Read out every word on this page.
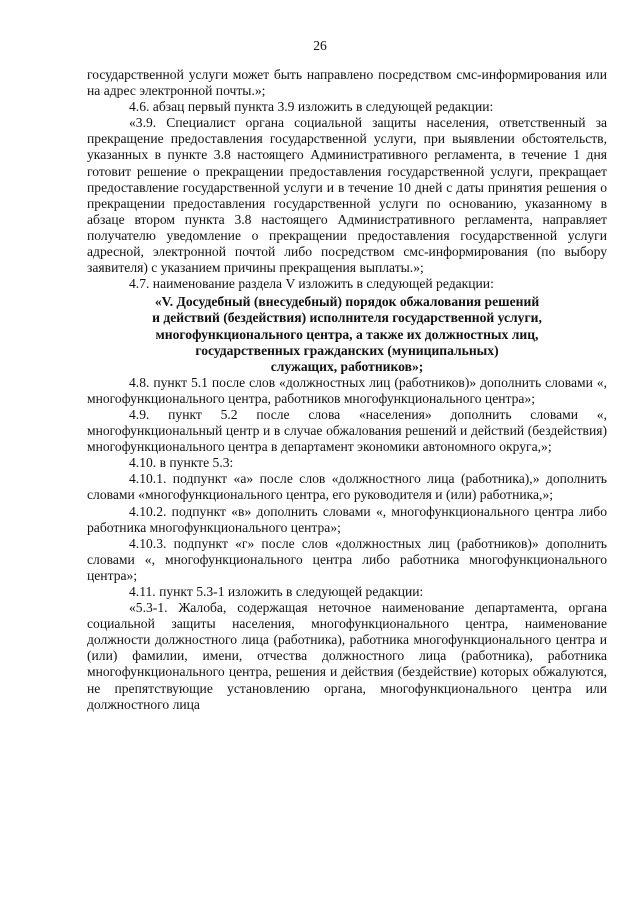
26

государственной услуги может быть направлено посредством смс-информирования или на адрес электронной почты.»;

4.6. абзац первый пункта 3.9 изложить в следующей редакции:

«3.9. Специалист органа социальной защиты населения, ответственный за прекращение предоставления государственной услуги, при выявлении обстоятельств, указанных в пункте 3.8 настоящего Административного регламента, в течение 1 дня готовит решение о прекращении предоставления государственной услуги, прекращает предоставление государственной услуги и в течение 10 дней с даты принятия решения о прекращении предоставления государственной услуги по основанию, указанному в абзаце втором пункта 3.8 настоящего Административного регламента, направляет получателю уведомление о прекращении предоставления государственной услуги адресной, электронной почтой либо посредством смс-информирования (по выбору заявителя) с указанием причины прекращения выплаты.»;

4.7. наименование раздела V изложить в следующей редакции:

«V. Досудебный (внесудебный) порядок обжалования решений
и действий (бездействия) исполнителя государственной услуги,
многофункционального центра, а также их должностных лиц,
государственных гражданских (муниципальных)
служащих, работников»;

4.8. пункт 5.1 после слов «должностных лиц (работников)» дополнить словами «, многофункционального центра, работников многофункционального центра»;

4.9. пункт 5.2 после слова «населения» дополнить словами «, многофункциональный центр и в случае обжалования решений и действий (бездействия) многофункционального центра в департамент экономики автономного округа,»;

4.10. в пункте 5.3:

4.10.1. подпункт «а» после слов «должностного лица (работника),» дополнить словами «многофункционального центра, его руководителя и (или) работника,»;

4.10.2. подпункт «в» дополнить словами «, многофункционального центра либо работника многофункционального центра»;

4.10.3. подпункт «г» после слов «должностных лиц (работников)» дополнить словами «, многофункционального центра либо работника многофункционального центра»;

4.11. пункт 5.3-1 изложить в следующей редакции:

«5.3-1. Жалоба, содержащая неточное наименование департамента, органа социальной защиты населения, многофункционального центра, наименование должности должностного лица (работника), работника многофункционального центра и (или) фамилии, имени, отчества должностного лица (работника), работника многофункционального центра, решения и действия (бездействие) которых обжалуются, не препятствующие установлению органа, многофункционального центра или должностного лица
